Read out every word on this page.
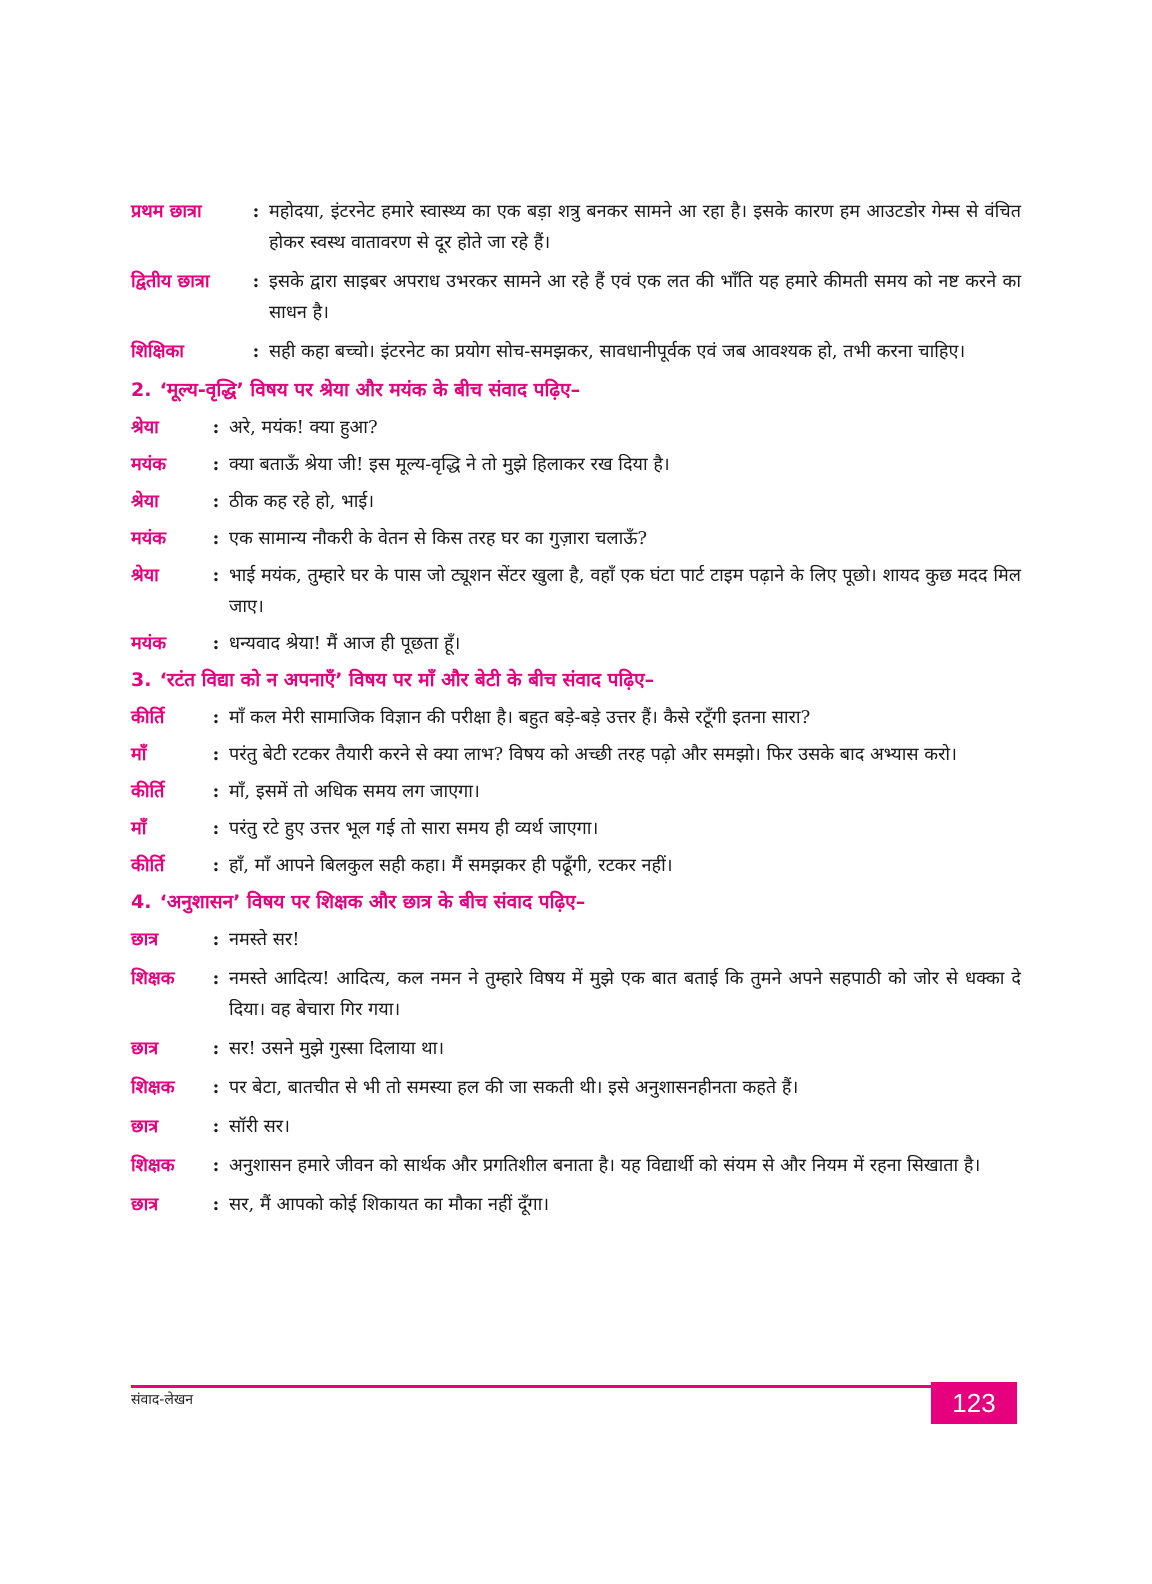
प्रथम छात्रा	: महोदया, इंटरनेट हमारे स्वास्थ्य का एक बड़ा शत्रु बनकर सामने आ रहा है। इसके कारण हम आउटडोर गेम्स से वंचित होकर स्वस्थ वातावरण से दूर होते जा रहे हैं।
द्वितीय छात्रा	: इसके द्वारा साइबर अपराध उभरकर सामने आ रहे हैं एवं एक लत की भाँति यह हमारे कीमती समय को नष्ट करने का साधन है।
शिक्षिका	: सही कहा बच्चो। इंटरनेट का प्रयोग सोच-समझकर, सावधानीपूर्वक एवं जब आवश्यक हो, तभी करना चाहिए।
2. ‘मूल्य-वृद्धि’ विषय पर श्रेया और मयंक के बीच संवाद पढ़िए–
श्रेया	: अरे, मयंक! क्या हुआ?
मयंक	: क्या बताऊँ श्रेया जी! इस मूल्य-वृद्धि ने तो मुझे हिलाकर रख दिया है।
श्रेया	: ठीक कह रहे हो, भाई।
मयंक	: एक सामान्य नौकरी के वेतन से किस तरह घर का गुज़ारा चलाऊँ?
श्रेया	: भाई मयंक, तुम्हारे घर के पास जो ट्यूशन सेंटर खुला है, वहाँ एक घंटा पार्ट टाइम पढ़ाने के लिए पूछो। शायद कुछ मदद मिल जाए।
मयंक	: धन्यवाद श्रेया! मैं आज ही पूछता हूँ।
3. ‘रटंत विद्या को न अपनाएँ’ विषय पर माँ और बेटी के बीच संवाद पढ़िए–
कीर्ति	: माँ कल मेरी सामाजिक विज्ञान की परीक्षा है। बहुत बड़े-बड़े उत्तर हैं। कैसे रटूँगी इतना सारा?
माँ	: परंतु बेटी रटकर तैयारी करने से क्या लाभ? विषय को अच्छी तरह पढ़ो और समझो। फिर उसके बाद अभ्यास करो।
कीर्ति	: माँ, इसमें तो अधिक समय लग जाएगा।
माँ	: परंतु रटे हुए उत्तर भूल गई तो सारा समय ही व्यर्थ जाएगा।
कीर्ति	: हाँ, माँ आपने बिलकुल सही कहा। मैं समझकर ही पढूँगी, रटकर नहीं।
4. ‘अनुशासन’ विषय पर शिक्षक और छात्र के बीच संवाद पढ़िए–
छात्र	: नमस्ते सर!
शिक्षक	: नमस्ते आदित्य! आदित्य, कल नमन ने तुम्हारे विषय में मुझे एक बात बताई कि तुमने अपने सहपाठी को जोर से धक्का दे दिया। वह बेचारा गिर गया।
छात्र	: सर! उसने मुझे गुस्सा दिलाया था।
शिक्षक	: पर बेटा, बातचीत से भी तो समस्या हल की जा सकती थी। इसे अनुशासनहीनता कहते हैं।
छात्र	: सॉरी सर।
शिक्षक	: अनुशासन हमारे जीवन को सार्थक और प्रगतिशील बनाता है। यह विद्यार्थी को संयम से और नियम में रहना सिखाता है।
छात्र	: सर, मैं आपको कोई शिकायत का मौका नहीं दूँगा।
संवाद-लेखन	123
